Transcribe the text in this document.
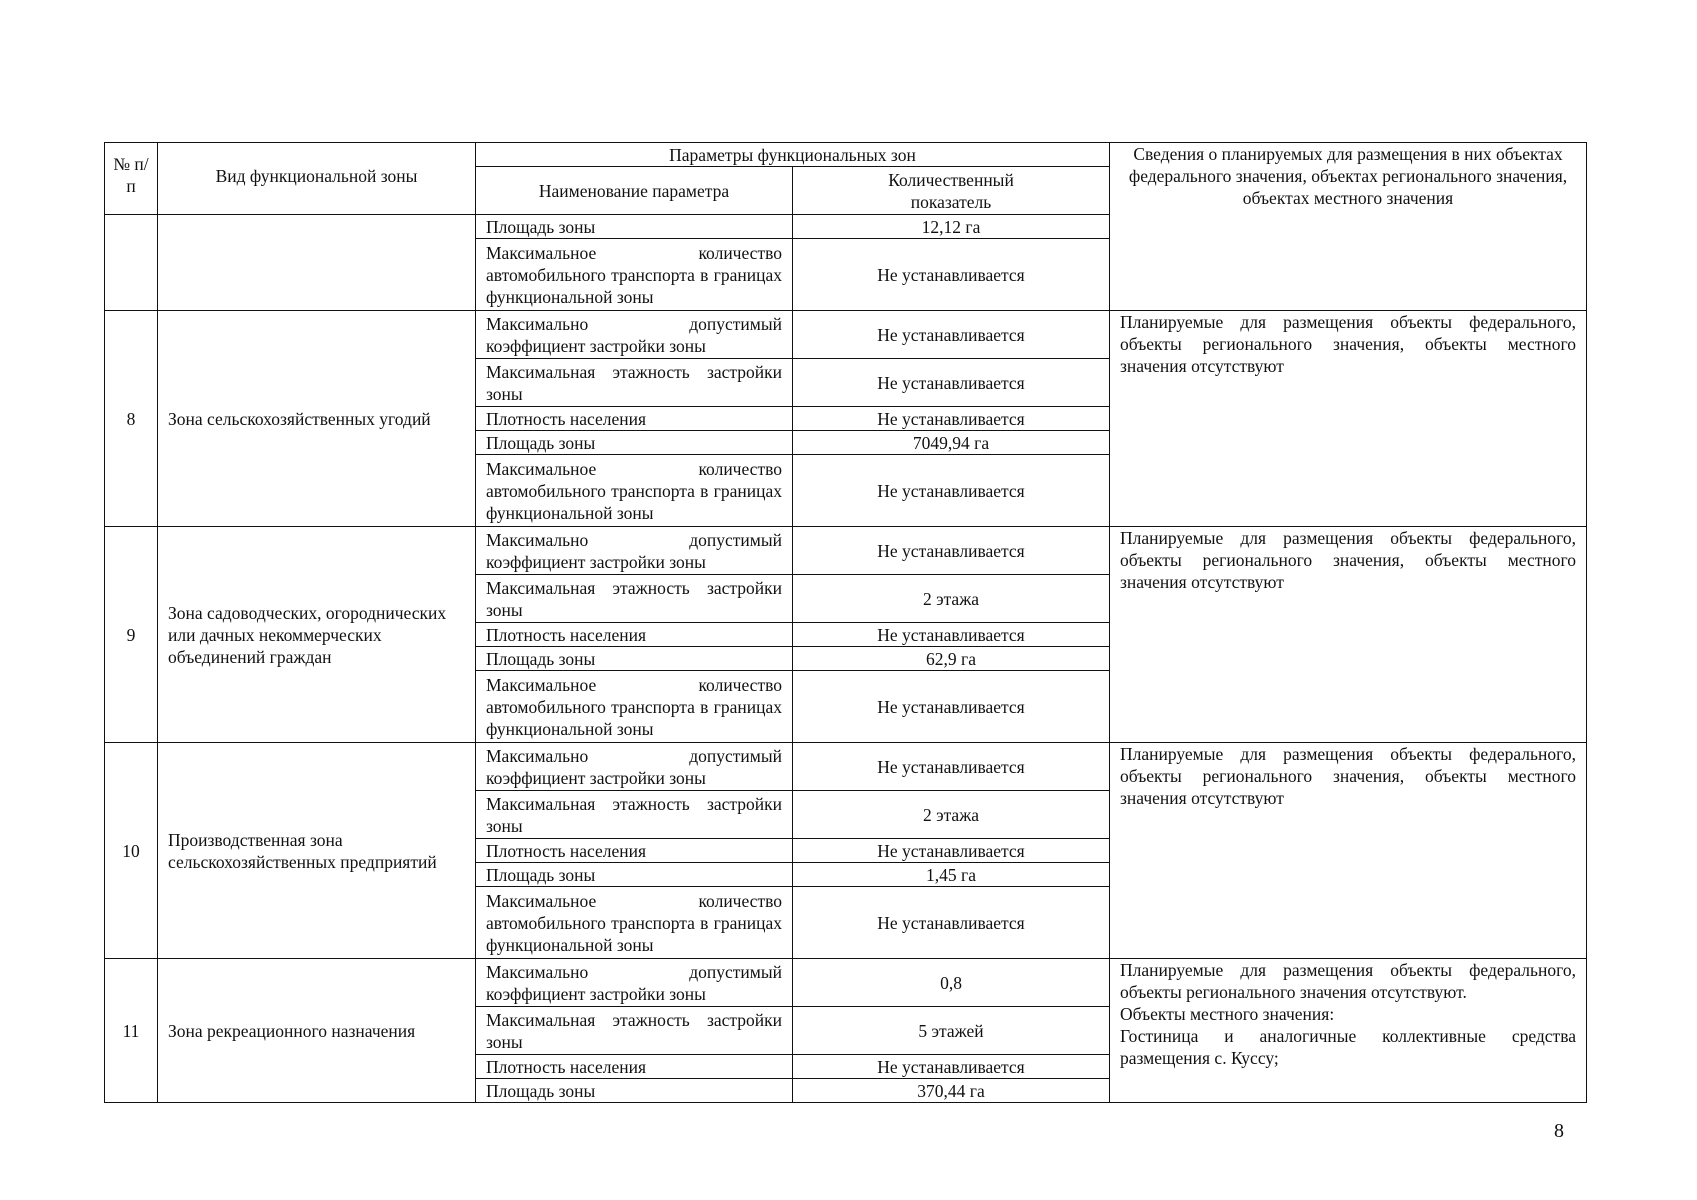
№ п/п	Вид функциональной зоны	Параметры функциональных зон		Сведения о планируемых для размещения в них объектах федерального значения, объектах регионального значения, объектах местного значения
		Наименование параметра	Количественный показатель	
		Площадь зоны	12,12 га	
		Максимальное количество автомобильного транспорта в границах функциональной зоны	Не устанавливается	
8	Зона сельскохозяйственных угодий	Максимально допустимый коэффициент застройки зоны	Не устанавливается	Планируемые для размещения объекты федерального, объекты регионального значения, объекты местного значения отсутствуют
		Максимальная этажность застройки зоны	Не устанавливается	
		Плотность населения	Не устанавливается	
		Площадь зоны	7049,94 га	
		Максимальное количество автомобильного транспорта в границах функциональной зоны	Не устанавливается	
9	Зона садоводческих, огороднических или дачных некоммерческих объединений граждан	Максимально допустимый коэффициент застройки зоны	Не устанавливается	Планируемые для размещения объекты федерального, объекты регионального значения, объекты местного значения отсутствуют
		Максимальная этажность застройки зоны	2 этажа	
		Плотность населения	Не устанавливается	
		Площадь зоны	62,9 га	
		Максимальное количество автомобильного транспорта в границах функциональной зоны	Не устанавливается	
10	Производственная зона сельскохозяйственных предприятий	Максимально допустимый коэффициент застройки зоны	Не устанавливается	Планируемые для размещения объекты федерального, объекты регионального значения, объекты местного значения отсутствуют
		Максимальная этажность застройки зоны	2 этажа	
		Плотность населения	Не устанавливается	
		Площадь зоны	1,45 га	
		Максимальное количество автомобильного транспорта в границах функциональной зоны	Не устанавливается	
11	Зона рекреационного назначения	Максимально допустимый коэффициент застройки зоны	0,8	Планируемые для размещения объекты федерального, объекты регионального значения отсутствуют.
Объекты местного значения:
Гостиница и аналогичные коллективные средства размещения с. Куссу;

		Максимальная этажность застройки зоны	5 этажей	
		Плотность населения	Не устанавливается	
		Площадь зоны	370,44 га	
8
